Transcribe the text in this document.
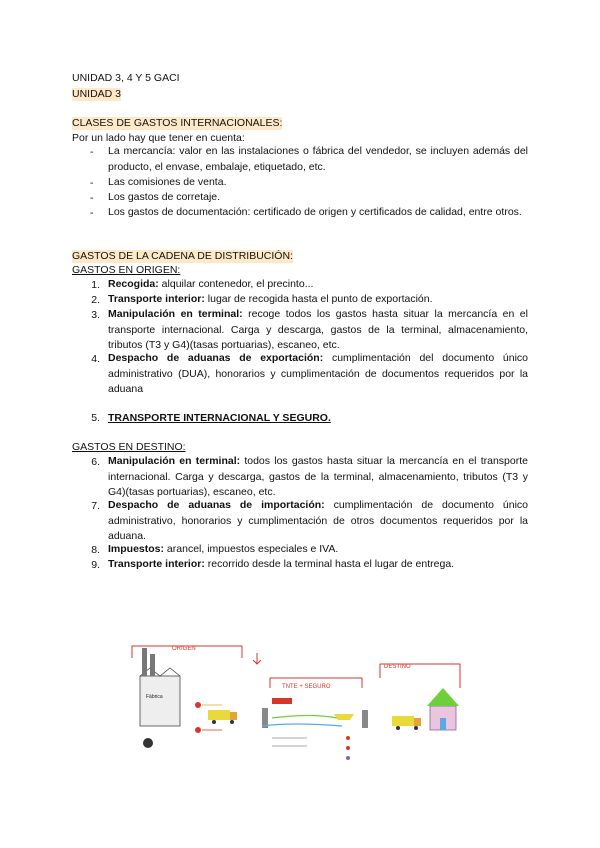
UNIDAD 3, 4 Y 5 GACI
UNIDAD 3
CLASES DE GASTOS INTERNACIONALES:
Por un lado hay que tener en cuenta:
- La mercancía: valor en las instalaciones o fábrica del vendedor, se incluyen además del producto, el envase, embalaje, etiquetado, etc.
- Las comisiones de venta.
- Los gastos de corretaje.
- Los gastos de documentación: certificado de origen y certificados de calidad, entre otros.
GASTOS DE LA CADENA DE DISTRIBUCIÓN:
GASTOS EN ORIGEN:
1. Recogida: alquilar contenedor, el precinto...
2. Transporte interior: lugar de recogida hasta el punto de exportación.
3. Manipulación en terminal: recoge todos los gastos hasta situar la mercancía en el transporte internacional. Carga y descarga, gastos de la terminal, almacenamiento, tributos (T3 y G4)(tasas portuarias), escaneo, etc.
4. Despacho de aduanas de exportación: cumplimentación del documento único administrativo (DUA), honorarios y cumplimentación de documentos requeridos por la aduana
5. TRANSPORTE INTERNACIONAL Y SEGURO.
GASTOS EN DESTINO:
6. Manipulación en terminal: todos los gastos hasta situar la mercancía en el transporte internacional. Carga y descarga, gastos de la terminal, almacenamiento, tributos (T3 y G4)(tasas portuarias), escaneo, etc.
7. Despacho de aduanas de importación: cumplimentación de documento único administrativo, honorarios y cumplimentación de otros documentos requeridos por la aduana.
8. Impuestos: arancel, impuestos especiales e IVA.
9. Transporte interior: recorrido desde la terminal hasta el lugar de entrega.
ORIGEN
Fábrica
TNTE + SEGURO
DESTINO
